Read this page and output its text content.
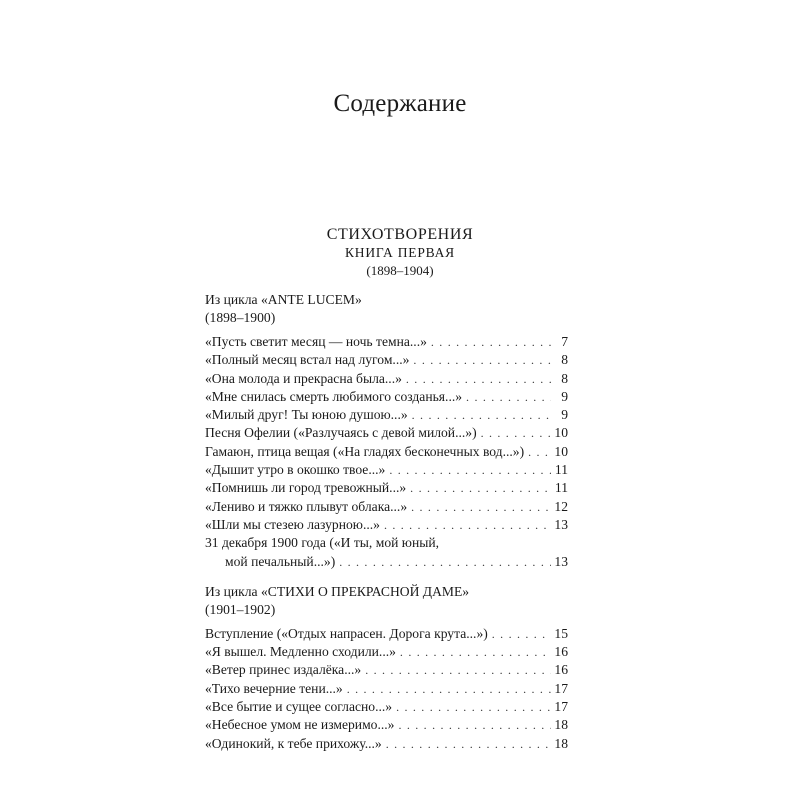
Содержание
СТИХОТВОРЕНИЯ
КНИГА ПЕРВАЯ
(1898–1904)
Из цикла «ANTE LUCEM»
(1898–1900)
«Пусть светит месяц — ночь темна...» . . .	7
«Полный месяц встал над лугом...» . . .	8
«Она молода и прекрасна была...» . . .	8
«Мне снилась смерть любимого созданья...» . . .	9
«Милый друг! Ты юною душою...» . . .	9
Песня Офелии («Разлучаясь с девой милой...») . . .	10
Гамаюн, птица вещая («На гладях бесконечных вод...») . . . 10
«Дышит утро в окошко твое...» . . .	11
«Помнишь ли город тревожный...» . . .	11
«Лениво и тяжко плывут облака...» . . .	12
«Шли мы стезею лазурною...» . . .	13
31 декабря 1900 года («И ты, мой юный,
мой печальный...») . . .	13
Из цикла «СТИХИ О ПРЕКРАСНОЙ ДАМЕ»
(1901–1902)
Вступление («Отдых напрасен. Дорога крута...») . . .	15
«Я вышел. Медленно сходили...» . . .	16
«Ветер принес издалёка...» . . .	16
«Тихо вечерние тени...» . . .	17
«Все бытие и сущее согласно...» . . .	17
«Небесное умом не измеримо...» . . .	18
«Одинокий, к тебе прихожу...» . . .	18
